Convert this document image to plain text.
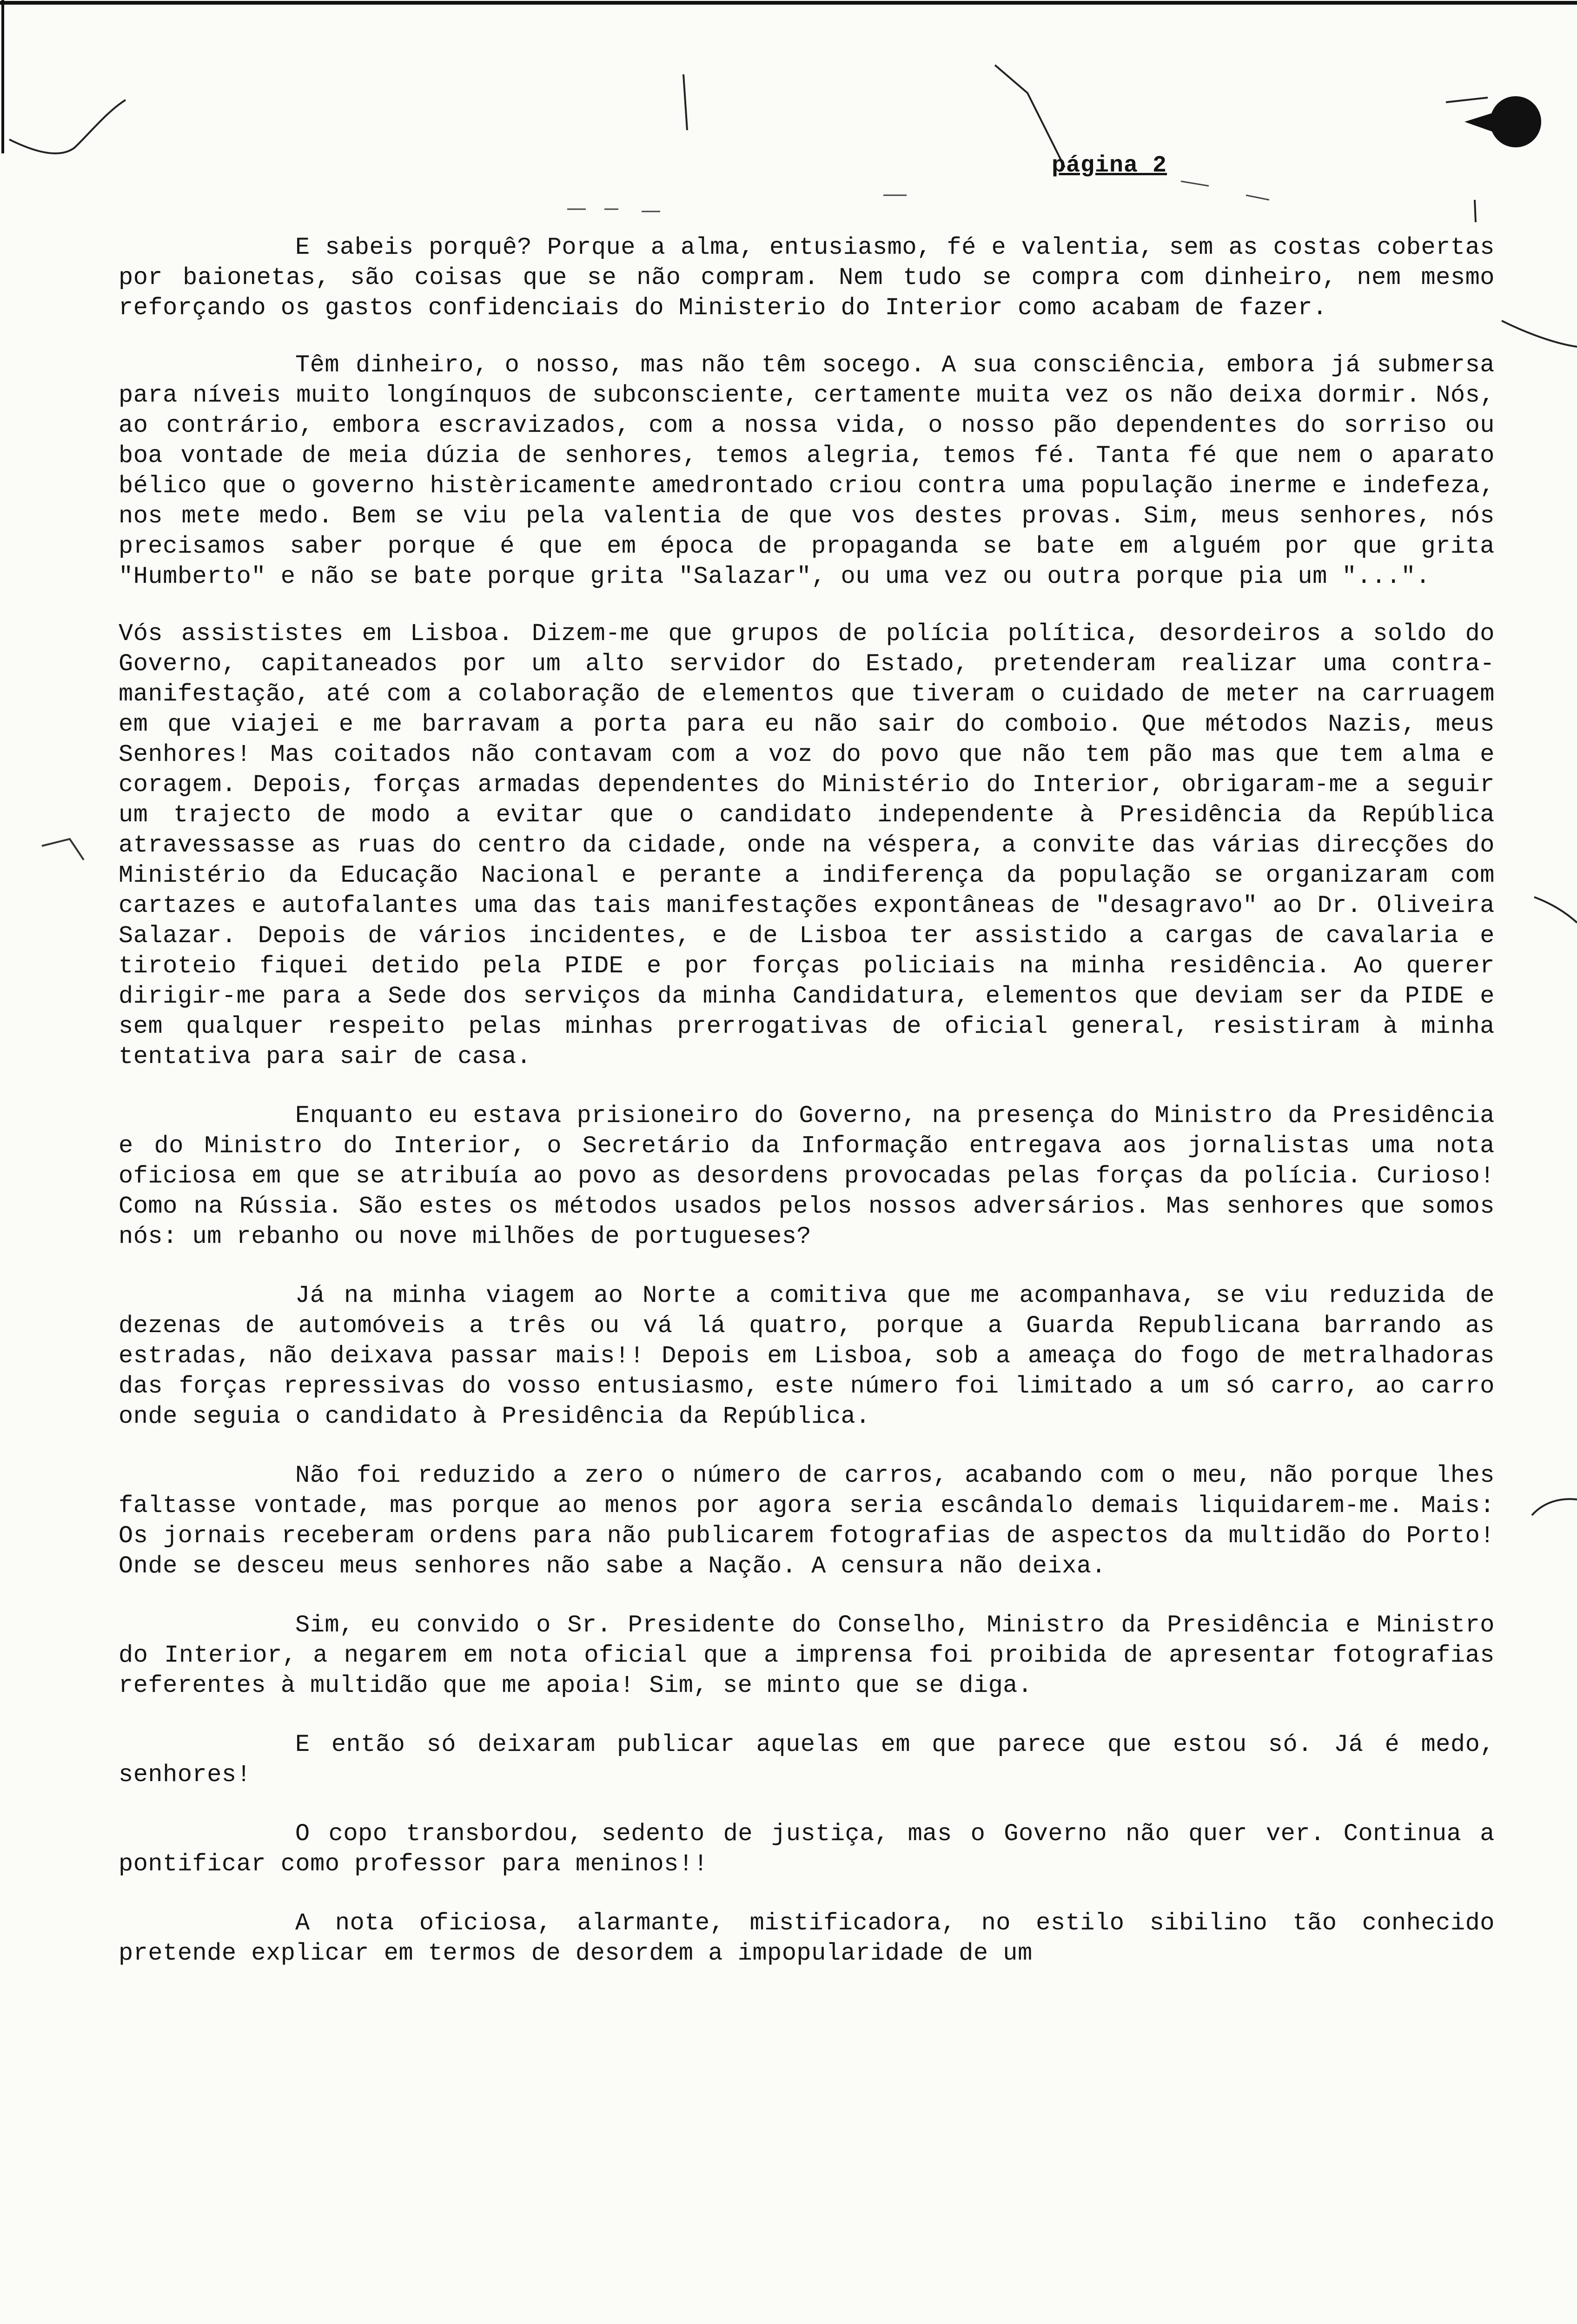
página 2

E sabeis porquê? Porque a alma, entusiasmo, fé e valentia, sem as costas cobertas por baionetas, são coisas que se não compram. Nem tudo se compra com dinheiro, nem mesmo reforçando os gastos confidenciais do Ministerio do Interior como acabam de fazer.

Têm dinheiro, o nosso, mas não têm socego. A sua consciência, embora já submersa para níveis muito longínquos de subconsciente, certamente muita vez os não deixa dormir. Nós, ao contrário, embora escravizados, com a nossa vida, o nosso pão dependentes do sorriso ou boa vontade de meia dúzia de senhores, temos alegria, temos fé. Tanta fé que nem o aparato bélico que o governo histèricamente amedrontado criou contra uma população inerme e indefeza, nos mete medo. Bem se viu pela valentia de que vos destes provas. Sim, meus senhores, nós precisamos saber porque é que em época de propaganda se bate em alguém por que grita "Humberto" e não se bate porque grita "Salazar", ou uma vez ou outra porque pia um "...".

Vós assististes em Lisboa. Dizem-me que grupos de polícia política, desordeiros a soldo do Governo, capitaneados por um alto servidor do Estado, pretenderam realizar uma contra-manifestação, até com a colaboração de elementos que tiveram o cuidado de meter na carruagem em que viajei e me barravam a porta para eu não sair do comboio. Que métodos Nazis, meus Senhores! Mas coitados não contavam com a voz do povo que não tem pão mas que tem alma e coragem. Depois, forças armadas dependentes do Ministério do Interior, obrigaram-me a seguir um trajecto de modo a evitar que o candidato independente à Presidência da República atravessasse as ruas do centro da cidade, onde na véspera, a convite das várias direcções do Ministério da Educação Nacional e perante a indiferença da população se organizaram com cartazes e autofalantes uma das tais manifestações expontâneas de "desagravo" ao Dr. Oliveira Salazar. Depois de vários incidentes, e de Lisboa ter assistido a cargas de cavalaria e tiroteio fiquei detido pela PIDE e por forças policiais na minha residência. Ao querer dirigir-me para a Sede dos serviços da minha Candidatura, elementos que deviam ser da PIDE e sem qualquer respeito pelas minhas prerrogativas de oficial general, resistiram à minha tentativa para sair de casa.

Enquanto eu estava prisioneiro do Governo, na presença do Ministro da Presidência e do Ministro do Interior, o Secretário da Informação entregava aos jornalistas uma nota oficiosa em que se atribuía ao povo as desordens provocadas pelas forças da polícia. Curioso! Como na Rússia. São estes os métodos usados pelos nossos adversários. Mas senhores que somos nós: um rebanho ou nove milhões de portugueses?

Já na minha viagem ao Norte a comitiva que me acompanhava, se viu reduzida de dezenas de automóveis a três ou vá lá quatro, porque a Guarda Republicana barrando as estradas, não deixava passar mais!! Depois em Lisboa, sob a ameaça do fogo de metralhadoras das forças repressivas do vosso entusiasmo, este número foi limitado a um só carro, ao carro onde seguia o candidato à Presidência da República.

Não foi reduzido a zero o número de carros, acabando com o meu, não porque lhes faltasse vontade, mas porque ao menos por agora seria escândalo demais liquidarem-me. Mais: Os jornais receberam ordens para não publicarem fotografias de aspectos da multidão do Porto! Onde se desceu meus senhores não sabe a Nação. A censura não deixa.

Sim, eu convido o Sr. Presidente do Conselho, Ministro da Presidência e Ministro do Interior, a negarem em nota oficial que a imprensa foi proibida de apresentar fotografias referentes à multidão que me apoia! Sim, se minto que se diga.

E então só deixaram publicar aquelas em que parece que estou só. Já é medo, senhores!

O copo transbordou, sedento de justiça, mas o Governo não quer ver. Continua a pontificar como professor para meninos!!

A nota oficiosa, alarmante, mistificadora, no estilo sibilino tão conhecido pretende explicar em termos de desordem a impopularidade de um
